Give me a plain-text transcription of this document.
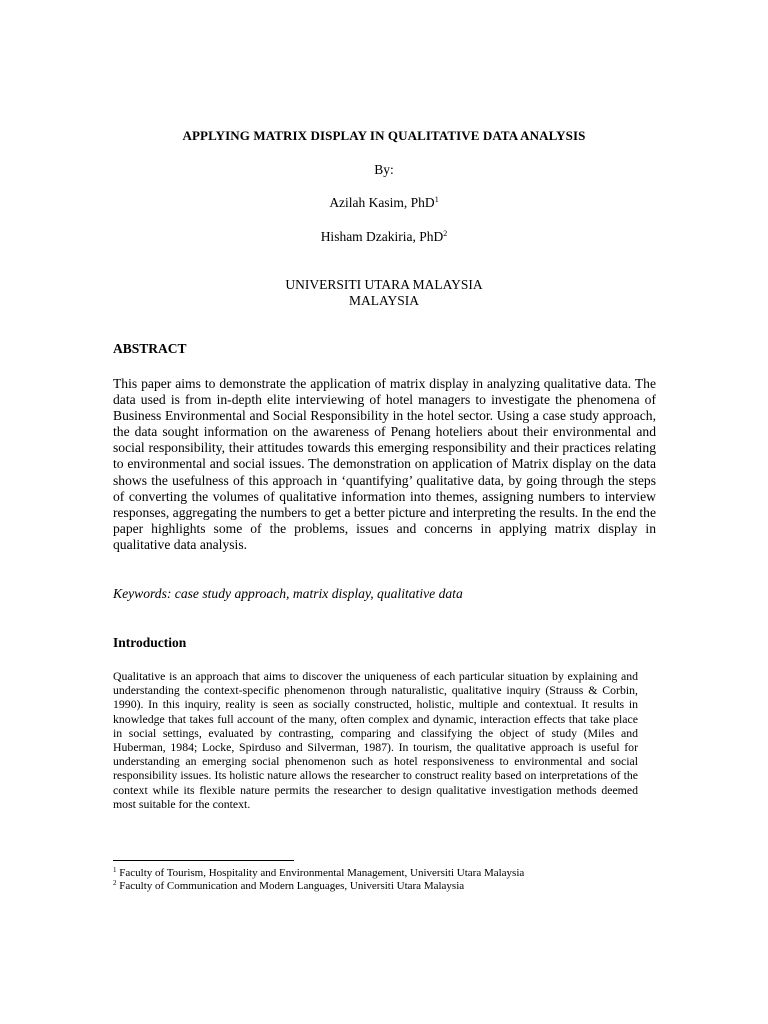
APPLYING MATRIX DISPLAY IN QUALITATIVE DATA ANALYSIS
By:
Azilah Kasim, PhD$^1$
Hisham Dzakiria, PhD$^2$
UNIVERSITI UTARA MALAYSIA
MALAYSIA
ABSTRACT

This paper aims to demonstrate the application of matrix display in analyzing qualitative data. The data used is from in-depth elite interviewing of hotel managers to investigate the phenomena of Business Environmental and Social Responsibility in the hotel sector. Using a case study approach, the data sought information on the awareness of Penang hoteliers about their environmental and social responsibility, their attitudes towards this emerging responsibility and their practices relating to environmental and social issues. The demonstration on application of Matrix display on the data shows the usefulness of this approach in ‘quantifying’ qualitative data, by going through the steps of converting the volumes of qualitative information into themes, assigning numbers to interview responses, aggregating the numbers to get a better picture and interpreting the results. In the end the paper highlights some of the problems, issues and concerns in applying matrix display in qualitative data analysis.

Keywords: case study approach, matrix display, qualitative data

Introduction

Qualitative is an approach that aims to discover the uniqueness of each particular situation by explaining and understanding the context-specific phenomenon through naturalistic, qualitative inquiry (Strauss & Corbin, 1990). In this inquiry, reality is seen as socially constructed, holistic, multiple and contextual. It results in knowledge that takes full account of the many, often complex and dynamic, interaction effects that take place in social settings, evaluated by contrasting, comparing and classifying the object of study (Miles and Huberman, 1984; Locke, Spirduso and Silverman, 1987). In tourism, the qualitative approach is useful for understanding an emerging social phenomenon such as hotel responsiveness to environmental and social responsibility issues. Its holistic nature allows the researcher to construct reality based on interpretations of the context while its flexible nature permits the researcher to design qualitative investigation methods deemed most suitable for the context.

$^1$ Faculty of Tourism, Hospitality and Environmental Management, Universiti Utara Malaysia

$^2$ Faculty of Communication and Modern Languages, Universiti Utara Malaysia
